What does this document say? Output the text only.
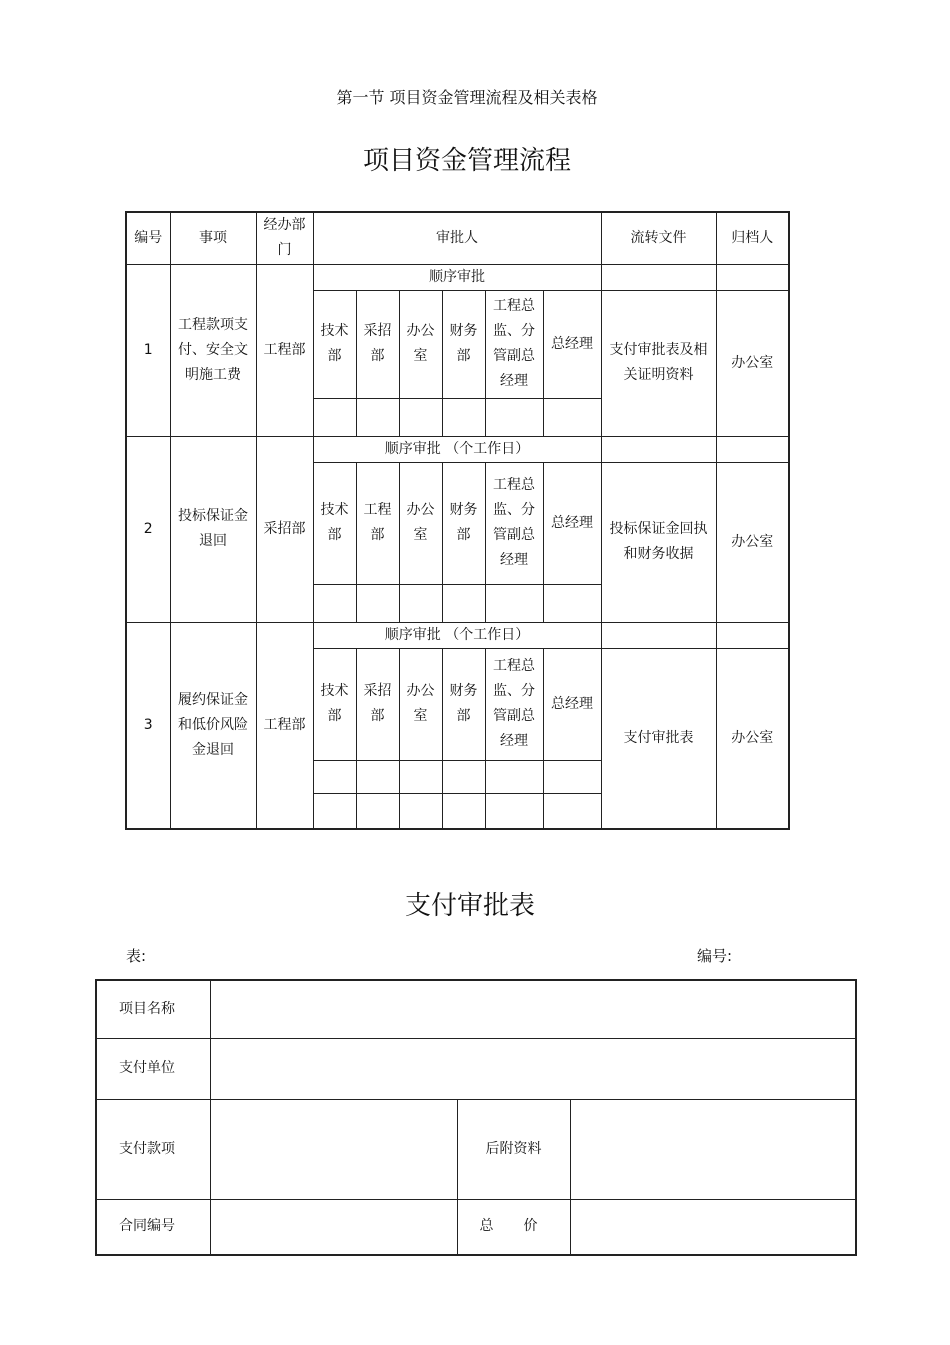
第一节 项目资金管理流程及相关表格
项目资金管理流程
编号	事项	经办部门	审批人						流转文件	归档人
1	工程款项支付、安全文明施工费	工程部	顺序审批							
			技术部	采招部	办公室	财务部	工程总监、分管副总经理	总经理	支付审批表及相关证明资料	办公室

2	投标保证金退回	采招部	顺序审批 （个工作日）							
			技术部	工程部	办公室	财务部	工程总监、分管副总经理	总经理	投标保证金回执和财务收据	办公室

3	履约保证金和低价风险金退回	工程部	顺序审批 （个工作日）							
			技术部	采招部	办公室	财务部	工程总监、分管副总经理	总经理	支付审批表	办公室

支付审批表
表:	编号:
项目名称			
支付单位			
支付款项		后附资料	
合同编号		总 价	
